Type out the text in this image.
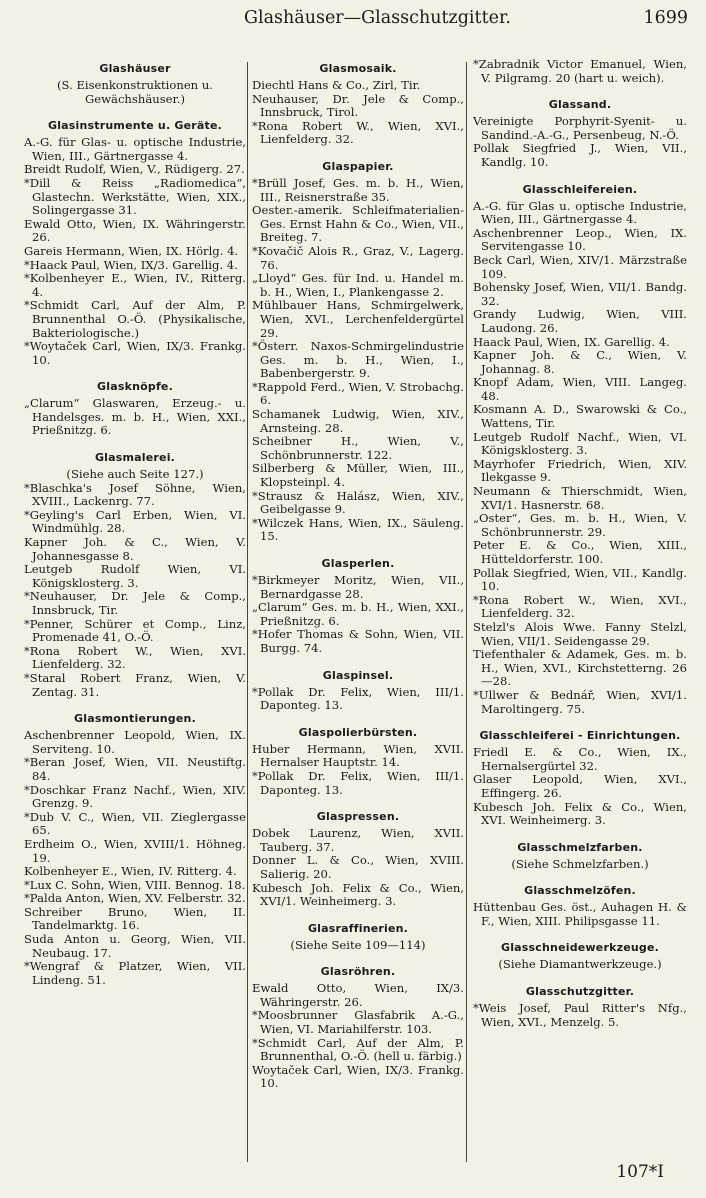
Glashäuser—Glasschutzgitter.	1699
Glashäuser
(S. Eisenkonstruktionen u. Gewächshäuser.)
Glasinstrumente u. Geräte.
A.-G. für Glas- u. optische Industrie, Wien, III., Gärtnergasse 4.
Breidt Rudolf, Wien, V., Rüdigerg. 27.
*Dill & Reiss „Radiomedica“, Glastechn. Werkstätte, Wien, XIX., Solingergasse 31.
Ewald Otto, Wien, IX. Währingerstr. 26.
Gareis Hermann, Wien, IX. Hörlg. 4.
*Haack Paul, Wien, IX/3. Garellig. 4.
*Kolbenheyer E., Wien, IV., Ritterg. 4.
*Schmidt Carl, Auf der Alm, P. Brunnenthal O.-Ö. (Physikalische, Bakteriologische.)
*Woytaček Carl, Wien, IX/3. Frankg. 10.
Glasknöpfe.
„Clarum“ Glaswaren, Erzeug.- u. Handelsges. m. b. H., Wien, XXI., Prießnitzg. 6.
Glasmalerei.
(Siehe auch Seite 127.)
*Blaschka's Josef Söhne, Wien, XVIII., Lackenrg. 77.
*Geyling's Carl Erben, Wien, VI. Windmühlg. 28.
Kapner Joh. & C., Wien, V. Johannesgasse 8.
Leutgeb Rudolf Wien, VI. Königsklosterg. 3.
*Neuhauser, Dr. Jele & Comp., Innsbruck, Tir.
*Penner, Schürer et Comp., Linz, Promenade 41, O.-Ö.
*Rona Robert W., Wien, XVI. Lienfelderg. 32.
*Staral Robert Franz, Wien, V. Zentag. 31.
Glasmontierungen.
Aschenbrenner Leopold, Wien, IX. Serviteng. 10.
*Beran Josef, Wien, VII. Neustiftg. 84.
*Doschkar Franz Nachf., Wien, XIV. Grenzg. 9.
*Dub V. C., Wien, VII. Zieglergasse 65.
Erdheim O., Wien, XVIII/1. Höhneg. 19.
Kolbenheyer E., Wien, IV. Ritterg. 4.
*Lux C. Sohn, Wien, VIII. Bennog. 18.
*Palda Anton, Wien, XV. Felberstr. 32.
Schreiber Bruno, Wien, II. Tandelmarktg. 16.
Suda Anton u. Georg, Wien, VII. Neubaug. 17.
*Wengraf & Platzer, Wien, VII. Lindeng. 51.
Glasmosaik.
Diechtl Hans & Co., Zirl, Tir.
Neuhauser, Dr. Jele & Comp., Innsbruck, Tirol.
*Rona Robert W., Wien, XVI., Lienfelderg. 32.
Glaspapier.
*Brüll Josef, Ges. m. b. H., Wien, III., Reisnerstraße 35.
Oester.-amerik. Schleifmaterialien-Ges. Ernst Hahn & Co., Wien, VII., Breiteg. 7.
*Kovačič Alois R., Graz, V., Lagerg. 76.
„Lloyd“ Ges. für Ind. u. Handel m. b. H., Wien, I., Plankengasse 2.
Mühlbauer Hans, Schmirgelwerk, Wien, XVI., Lerchenfeldergürtel 29.
*Österr. Naxos-Schmirgelindustrie Ges. m. b. H., Wien, I., Babenbergerstr. 9.
*Rappold Ferd., Wien, V. Strobachg. 6.
Schamanek Ludwig, Wien, XIV., Arnsteing. 28.
Scheibner H., Wien, V., Schönbrunnerstr. 122.
Silberberg & Müller, Wien, III., Klopsteinpl. 4.
*Strausz & Halász, Wien, XIV., Geibelgasse 9.
*Wilczek Hans, Wien, IX., Säuleng. 15.
Glasperlen.
*Birkmeyer Moritz, Wien, VII., Bernardgasse 28.
„Clarum“ Ges. m. b. H., Wien, XXI., Prießnitzg. 6.
*Hofer Thomas & Sohn, Wien, VII. Burgg. 74.
Glaspinsel.
*Pollak Dr. Felix, Wien, III/1. Daponteg. 13.
Glaspolierbürsten.
Huber Hermann, Wien, XVII. Hernalser Hauptstr. 14.
*Pollak Dr. Felix, Wien, III/1. Daponteg. 13.
Glaspressen.
Dobek Laurenz, Wien, XVII. Tauberg. 37.
Donner L. & Co., Wien, XVIII. Salierig. 20.
Kubesch Joh. Felix & Co., Wien, XVI/1. Weinheimerg. 3.
Glasraffinerien.
(Siehe Seite 109—114)
Glasröhren.
Ewald Otto, Wien, IX/3. Währingerstr. 26.
*Moosbrunner Glasfabrik A.-G., Wien, VI. Mariahilferstr. 103.
*Schmidt Carl, Auf der Alm, P. Brunnenthal, O.-Ö. (hell u. färbig.)
Woytaček Carl, Wien, IX/3. Frankg. 10.
*Zabradnik Victor Emanuel, Wien, V. Pilgramg. 20 (hart u. weich).
Glassand.
Vereinigte Porphyrit-Syenit- u. Sandind.-A.-G., Persenbeug, N.-Ö.
Pollak Siegfried J., Wien, VII., Kandlg. 10.
Glasschleifereien.
A.-G. für Glas u. optische Industrie, Wien, III., Gärtnergasse 4.
Aschenbrenner Leop., Wien, IX. Servitengasse 10.
Beck Carl, Wien, XIV/1. Märzstraße 109.
Bohensky Josef, Wien, VII/1. Bandg. 32.
Grandy Ludwig, Wien, VIII. Laudong. 26.
Haack Paul, Wien, IX. Garellig. 4.
Kapner Joh. & C., Wien, V. Johannag. 8.
Knopf Adam, Wien, VIII. Langeg. 48.
Kosmann A. D., Swarowski & Co., Wattens, Tir.
Leutgeb Rudolf Nachf., Wien, VI. Königsklosterg. 3.
Mayrhofer Friedrich, Wien, XIV. Ilekgasse 9.
Neumann & Thierschmidt, Wien, XVI/1. Hasnerstr. 68.
„Oster“, Ges. m. b. H., Wien, V. Schönbrunnerstr. 29.
Peter E. & Co., Wien, XIII., Hütteldorferstr. 100.
Pollak Siegfried, Wien, VII., Kandlg. 10.
*Rona Robert W., Wien, XVI., Lienfelderg. 32.
Stelzl's Alois Wwe. Fanny Stelzl, Wien, VII/1. Seidengasse 29.
Tiefenthaler & Adamek, Ges. m. b. H., Wien, XVI., Kirchstetterng. 26—28.
*Ullwer & Bednář, Wien, XVI/1. Maroltingerg. 75.
Glasschleiferei - Einrichtungen.
Friedl E. & Co., Wien, IX., Hernalsergürtel 32.
Glaser Leopold, Wien, XVI., Effingerg. 26.
Kubesch Joh. Felix & Co., Wien, XVI. Weinheimerg. 3.
Glasschmelzfarben.
(Siehe Schmelzfarben.)
Glasschmelzöfen.
Hüttenbau Ges. öst., Auhagen H. & F., Wien, XIII. Philipsgasse 11.
Glasschneidewerkzeuge.
(Siehe Diamantwerkzeuge.)
Glasschutzgitter.
*Weis Josef, Paul Ritter's Nfg., Wien, XVI., Menzelg. 5.
107*I
